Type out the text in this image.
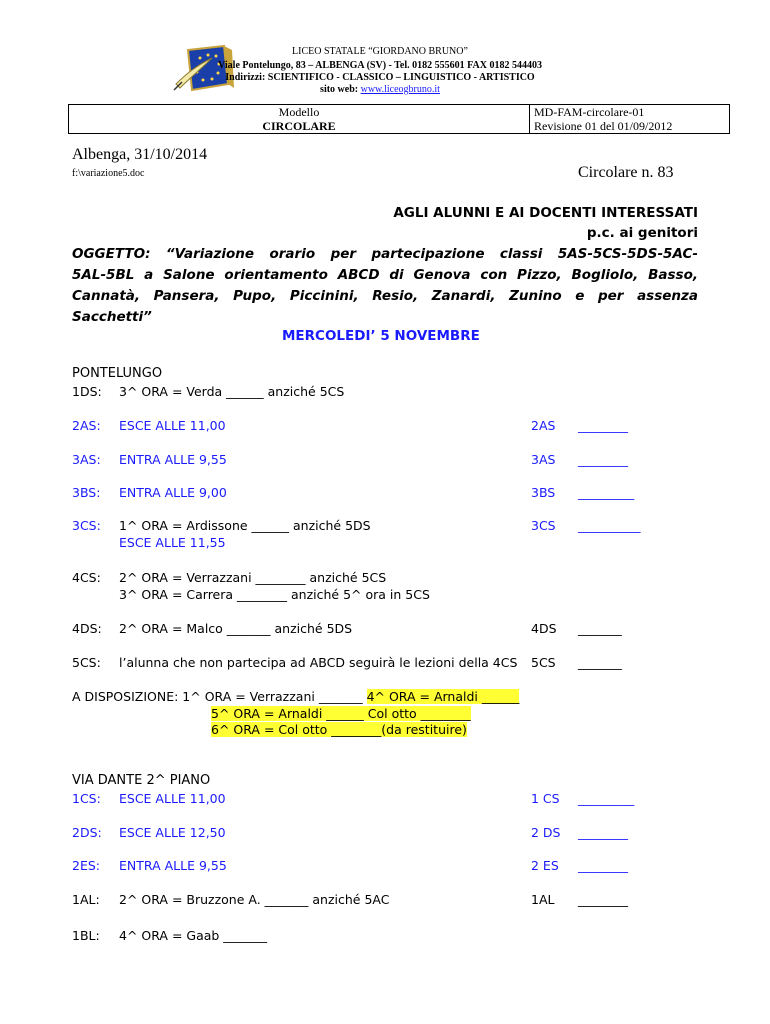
LICEO STATALE “GIORDANO BRUNO”
Viale Pontelungo, 83 – ALBENGA (SV) - Tel. 0182 555601 FAX 0182 544403
Indirizzi: SCIENTIFICO - CLASSICO – LINGUISTICO - ARTISTICO
sito web: www.liceogbruno.it
Modello
CIRCOLARE
MD-FAM-circolare-01
Revisione 01 del 01/09/2012
Albenga, 31/10/2014
f:\variazione5.doc	Circolare n. 83
AGLI ALUNNI E AI DOCENTI INTERESSATI
p.c. ai genitori
OGGETTO: “Variazione orario per partecipazione classi 5AS-5CS-5DS-5AC-
5AL-5BL a Salone orientamento ABCD di Genova con Pizzo, Bogliolo, Basso,
Cannatà, Pansera, Pupo, Piccinini, Resio, Zanardi, Zunino e per assenza
Sacchetti”
MERCOLEDI’ 5 NOVEMBRE
PONTELUNGO
1DS: 3^ ORA = Verda ______ anziché 5CS
2AS: ESCE ALLE 11,00	2AS ________
3AS: ENTRA ALLE 9,55	3AS ________
3BS: ENTRA ALLE 9,00	3BS _________
3CS: 1^ ORA = Ardissone ______ anziché 5DS	3CS __________
ESCE ALLE 11,55
4CS: 2^ ORA = Verrazzani ________ anziché 5CS
3^ ORA = Carrera ________ anziché 5^ ora in 5CS
4DS: 2^ ORA = Malco _______ anziché 5DS	4DS _______
5CS: l’alunna che non partecipa ad ABCD seguirà le lezioni della 4CS 5CS _______
A DISPOSIZIONE: 1^ ORA = Verrazzani _______ 4^ ORA = Arnaldi ______
5^ ORA = Arnaldi ______ Col otto ________
6^ ORA = Col otto ________(da restituire)
VIA DANTE 2^ PIANO
1CS: ESCE ALLE 11,00	1 CS _________
2DS: ESCE ALLE 12,50	2 DS ________
2ES: ENTRA ALLE 9,55	2 ES ________
1AL: 2^ ORA = Bruzzone A. _______ anziché 5AC	1AL ________
1BL: 4^ ORA = Gaab _______
